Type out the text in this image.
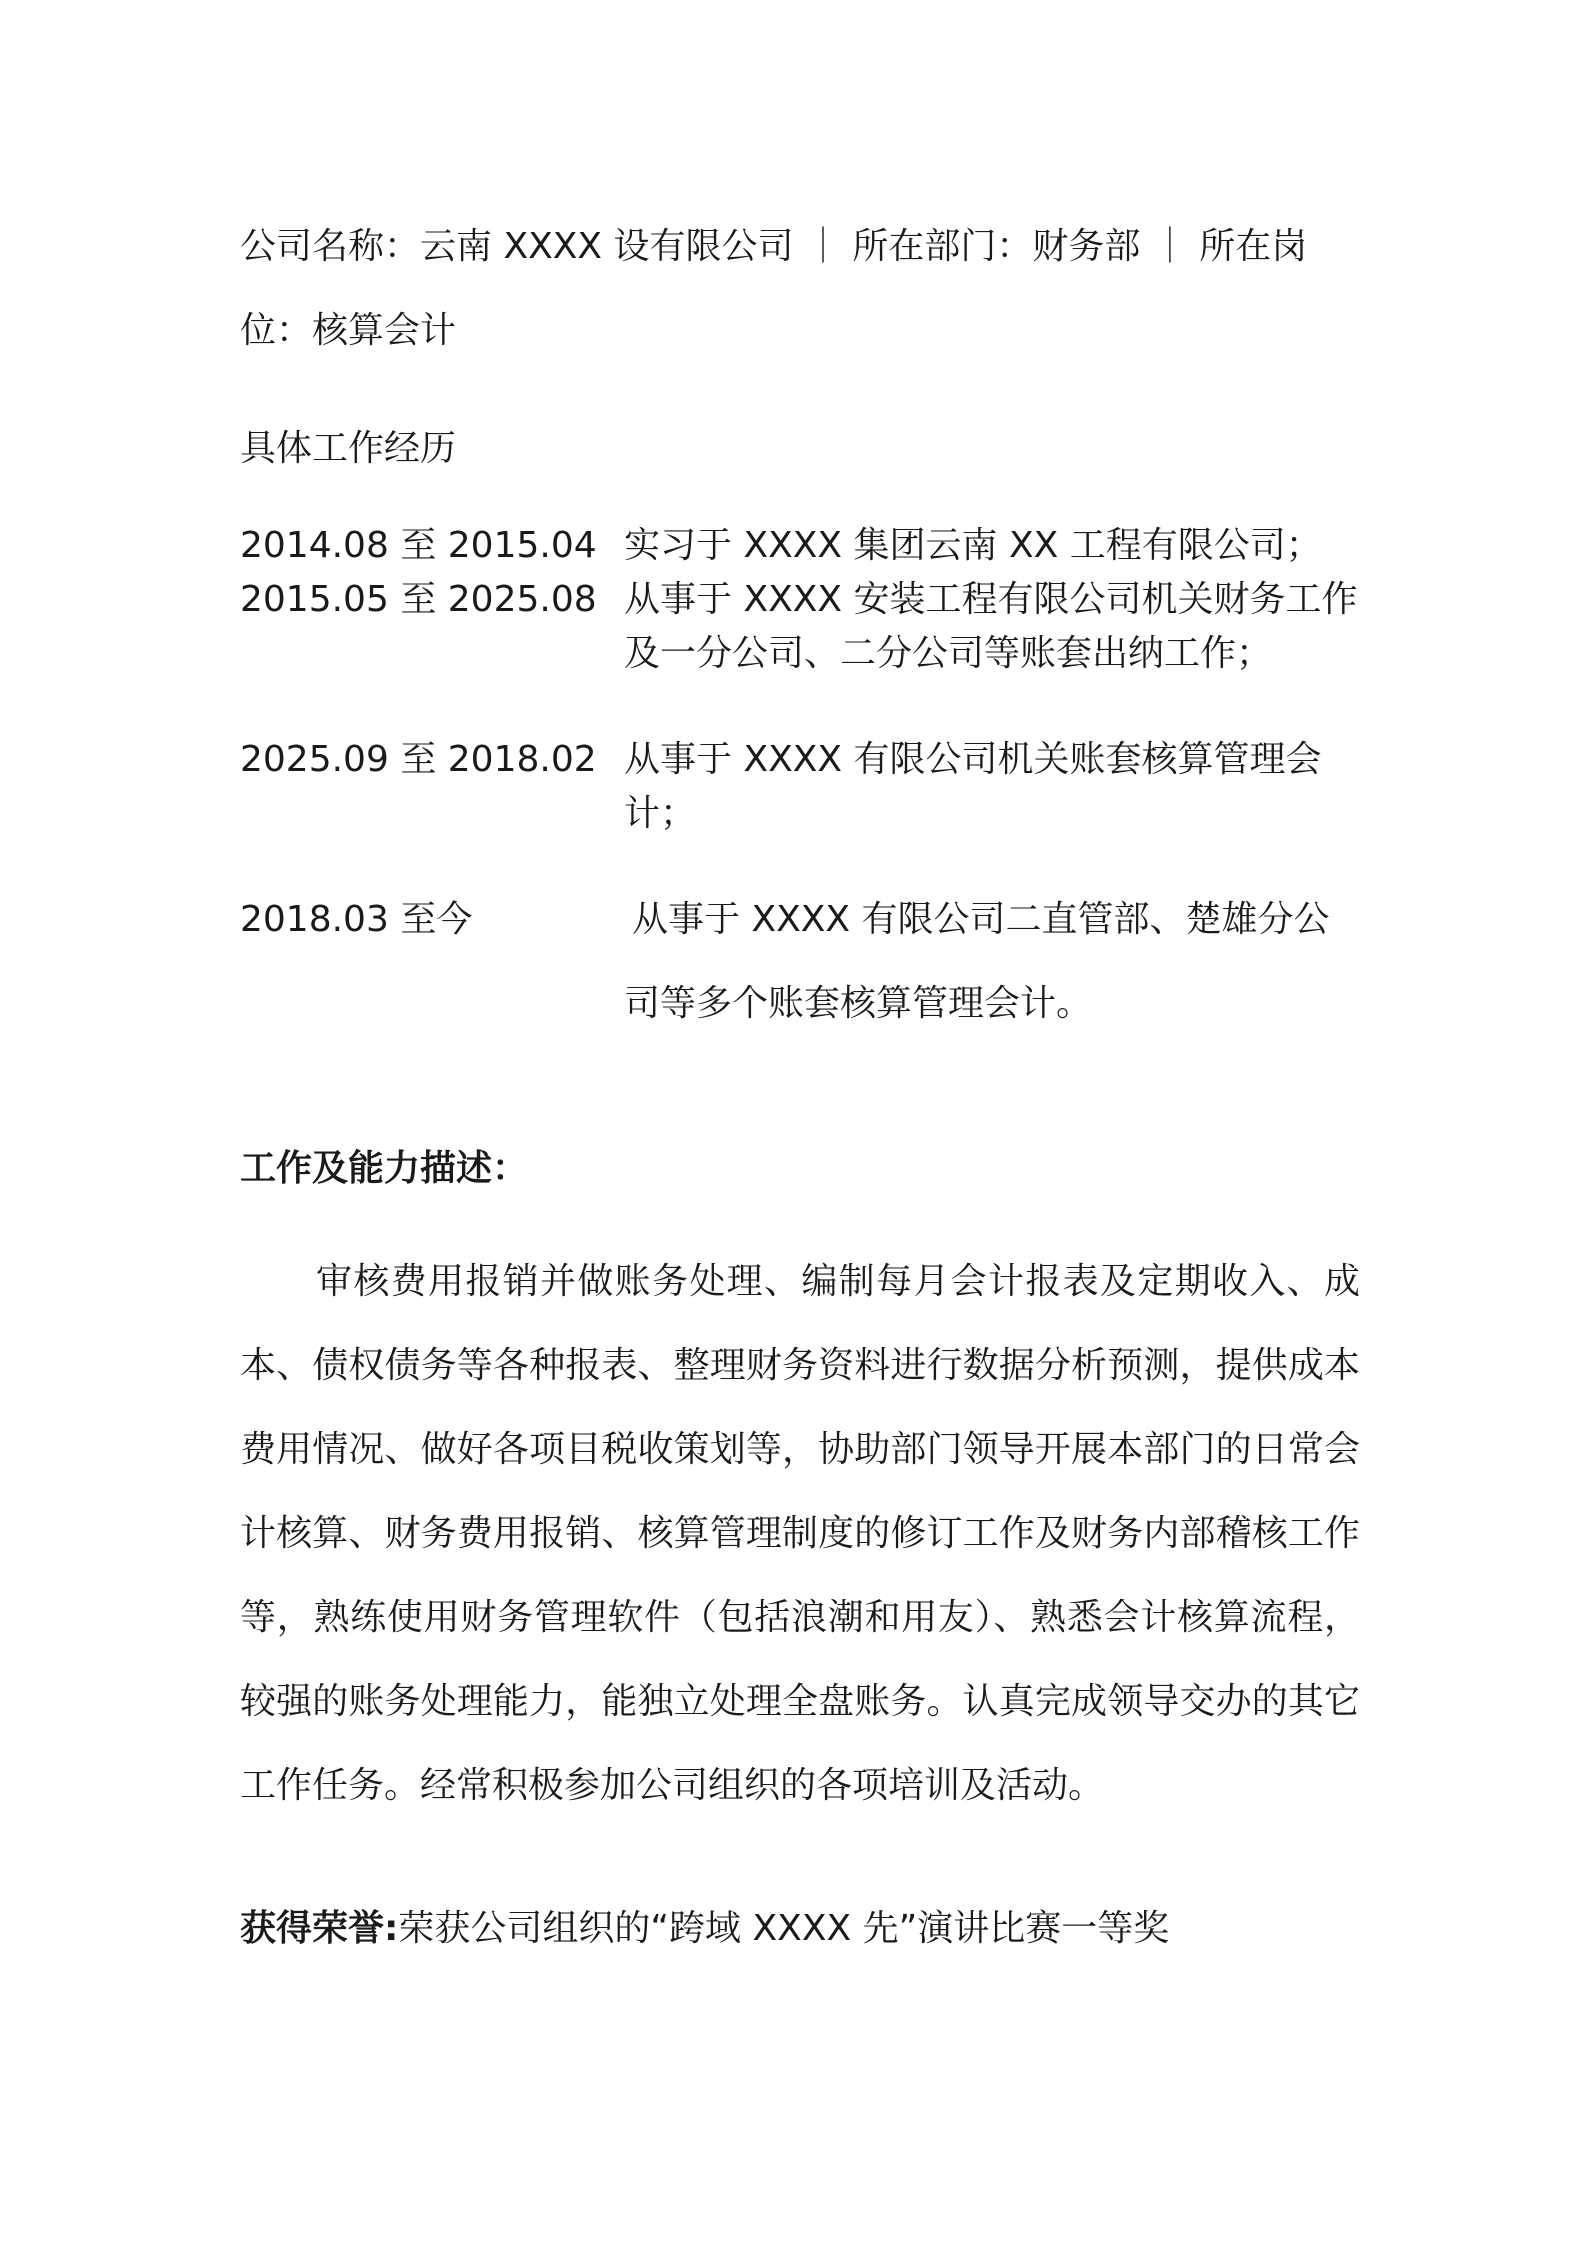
公司名称：云南 XXXX 设有限公司 ｜ 所在部门：财务部 ｜ 所在岗位：核算会计

具体工作经历

2014.08 至 2015.04 实习于 XXXX 集团云南 XX 工程有限公司；
2015.05 至 2025.08 从事于 XXXX 安装工程有限公司机关财务工作及一分公司、二分公司等账套出纳工作；
2025.09 至 2018.02 从事于 XXXX 有限公司机关账套核算管理会计；
2018.03 至今	从事于 XXXX 有限公司二直管部、楚雄分公司等多个账套核算管理会计。

工作及能力描述：

审核费用报销并做账务处理、编制每月会计报表及定期收入、成本、债权债务等各种报表、整理财务资料进行数据分析预测，提供成本费用情况、做好各项目税收策划等，协助部门领导开展本部门的日常会计核算、财务费用报销、核算管理制度的修订工作及财务内部稽核工作等，熟练使用财务管理软件（包括浪潮和用友）、熟悉会计核算流程，较强的账务处理能力，能独立处理全盘账务。认真完成领导交办的其它工作任务。经常积极参加公司组织的各项培训及活动。

获得荣誉:荣获公司组织的“跨域 XXXX 先”演讲比赛一等奖
